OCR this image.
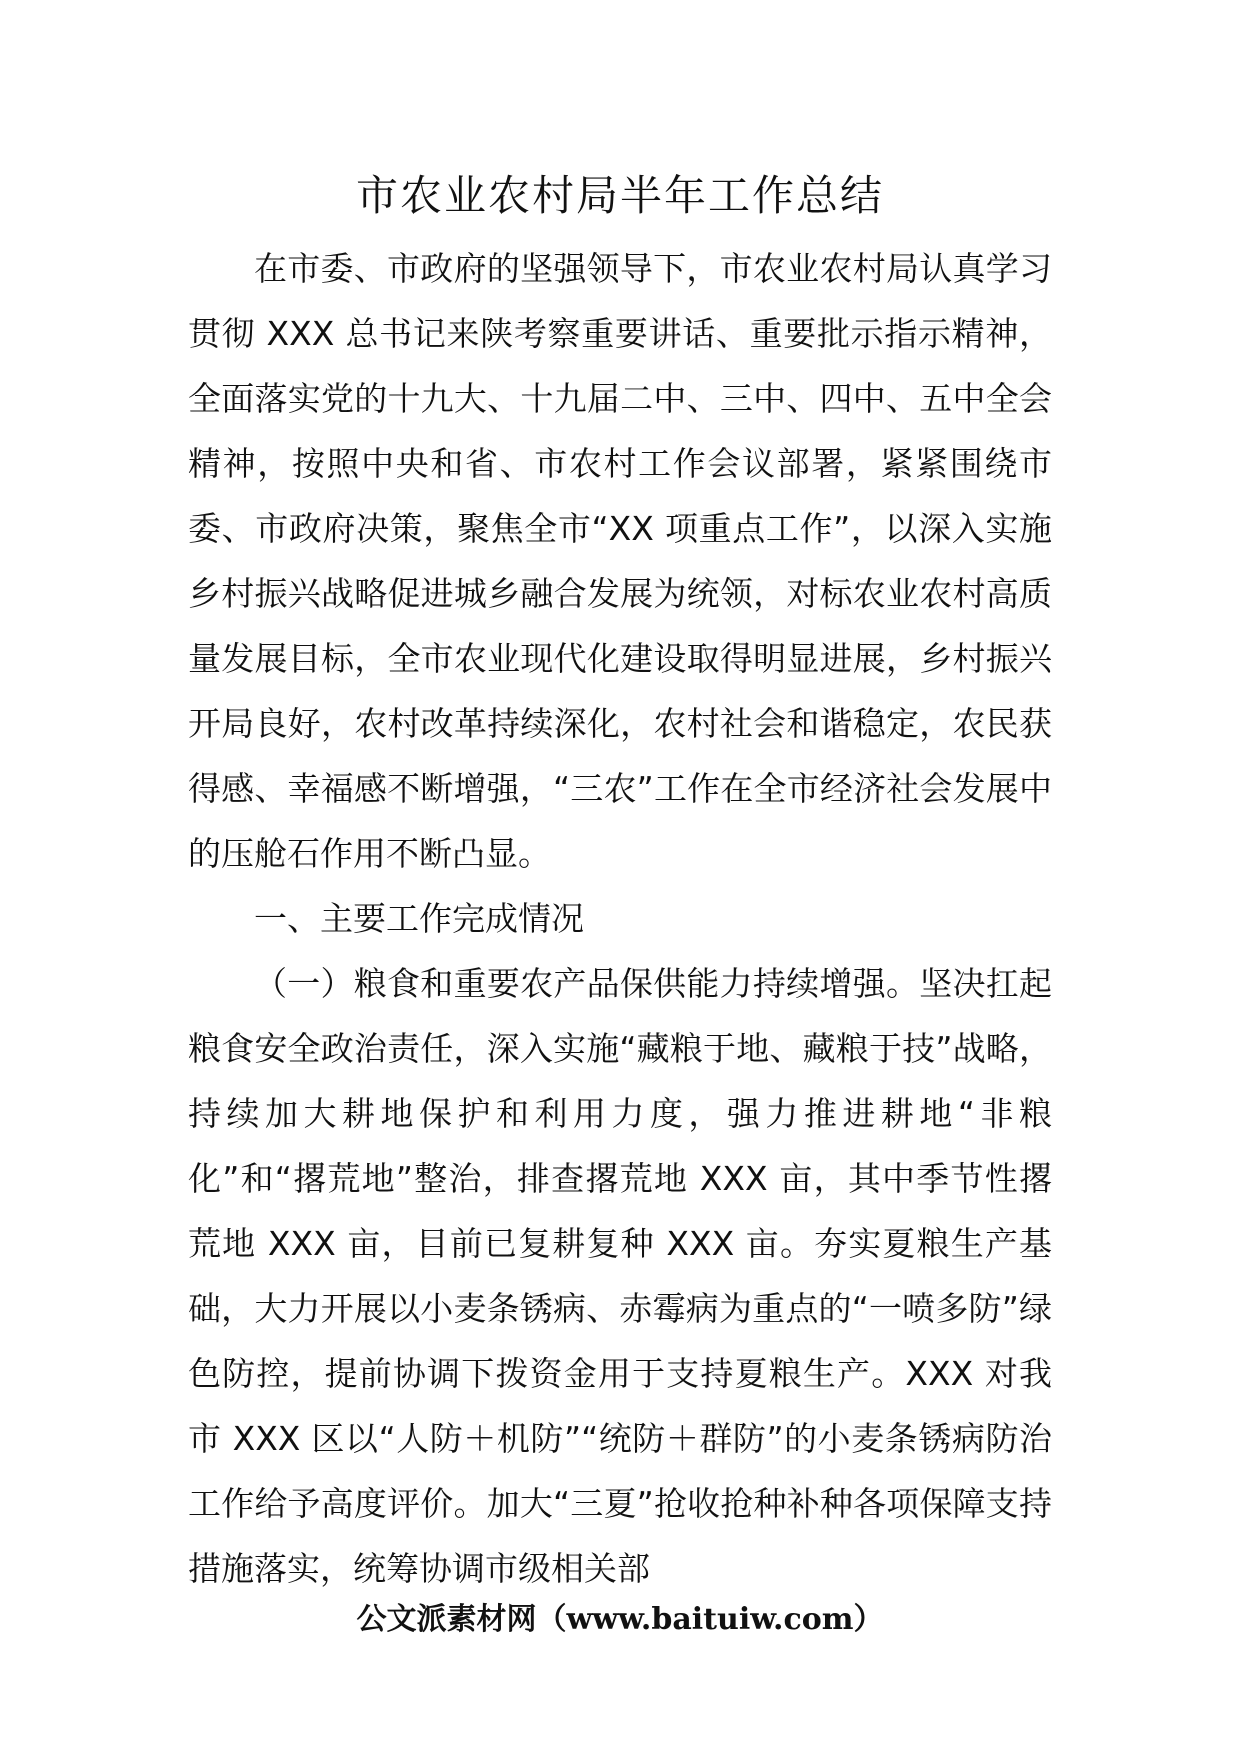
市农业农村局半年工作总结

在市委、市政府的坚强领导下，市农业农村局认真学习贯彻 XXX 总书记来陕考察重要讲话、重要批示指示精神，全面落实党的十九大、十九届二中、三中、四中、五中全会精神，按照中央和省、市农村工作会议部署，紧紧围绕市委、市政府决策，聚焦全市“XX 项重点工作”，以深入实施乡村振兴战略促进城乡融合发展为统领，对标农业农村高质量发展目标，全市农业现代化建设取得明显进展，乡村振兴开局良好，农村改革持续深化，农村社会和谐稳定，农民获得感、幸福感不断增强，“三农”工作在全市经济社会发展中的压舱石作用不断凸显。

一、主要工作完成情况

（一）粮食和重要农产品保供能力持续增强。坚决扛起粮食安全政治责任，深入实施“藏粮于地、藏粮于技”战略，持续加大耕地保护和利用力度，强力推进耕地“非粮化”和“撂荒地”整治，排查撂荒地 XXX 亩，其中季节性撂荒地 XXX 亩，目前已复耕复种 XXX 亩。夯实夏粮生产基础，大力开展以小麦条锈病、赤霉病为重点的“一喷多防”绿色防控，提前协调下拨资金用于支持夏粮生产。XXX 对我市 XXX 区以“人防＋机防”“统防＋群防”的小麦条锈病防治工作给予高度评价。加大“三夏”抢收抢种补种各项保障支持措施落实，统筹协调市级相关部

公文派素材网（www.baituiw.com）
